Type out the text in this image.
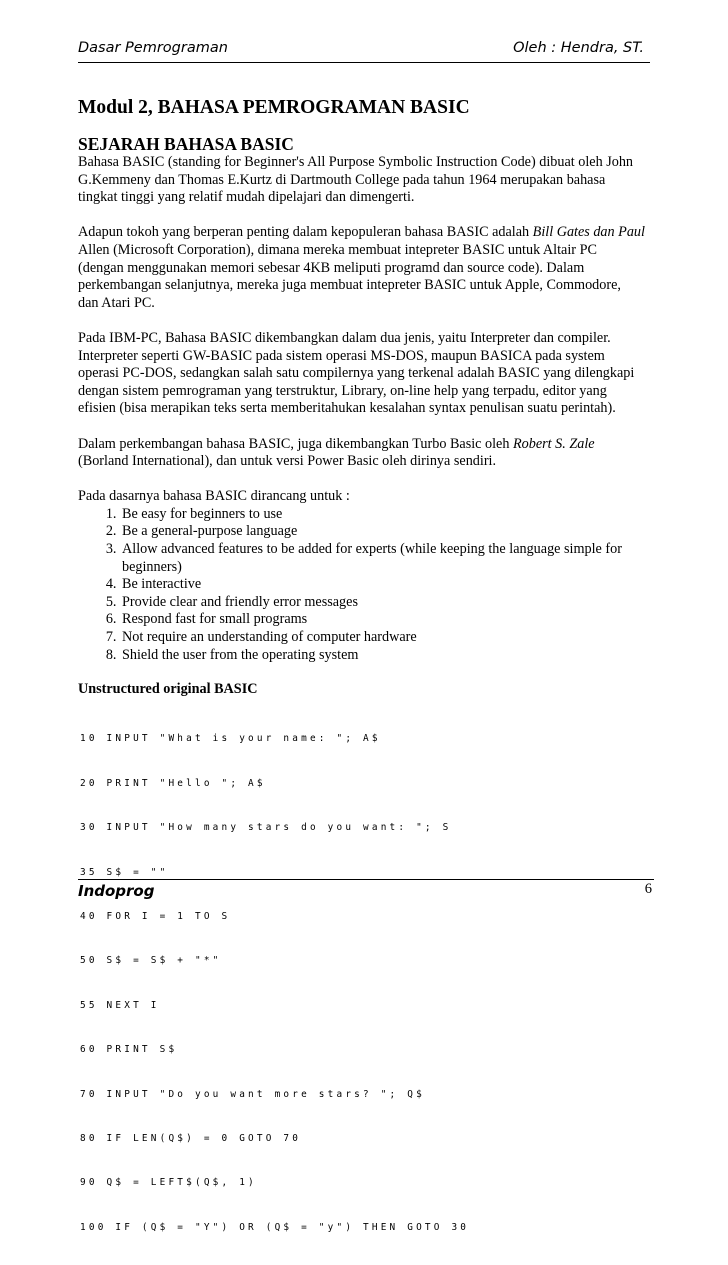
Dasar Pemrograman	Oleh : Hendra, ST.
Modul 2, BAHASA PEMROGRAMAN BASIC
SEJARAH BAHASA BASIC

Bahasa BASIC (standing for Beginner's All Purpose Symbolic Instruction Code) dibuat oleh John
G.Kemmeny dan Thomas E.Kurtz di Dartmouth College pada tahun 1964 merupakan bahasa
tingkat tinggi yang relatif mudah dipelajari dan dimengerti.

Adapun tokoh yang berperan penting dalam kepopuleran bahasa BASIC adalah Bill Gates dan Paul
Allen (Microsoft Corporation), dimana mereka membuat intepreter BASIC untuk Altair PC
(dengan menggunakan memori sebesar 4KB meliputi programd dan source code). Dalam
perkembangan selanjutnya, mereka juga membuat intepreter BASIC untuk Apple, Commodore,
dan Atari PC.

Pada IBM-PC, Bahasa BASIC dikembangkan dalam dua jenis, yaitu Interpreter dan compiler.
Interpreter seperti GW-BASIC pada sistem operasi MS-DOS, maupun BASICA pada system
operasi PC-DOS, sedangkan salah satu compilernya yang terkenal adalah BASIC yang dilengkapi
dengan sistem pemrograman yang terstruktur, Library, on-line help yang terpadu, editor yang
efisien (bisa merapikan teks serta memberitahukan kesalahan syntax penulisan suatu perintah).

Dalam perkembangan bahasa BASIC, juga dikembangkan Turbo Basic oleh Robert S. Zale
(Borland International), dan untuk versi Power Basic oleh dirinya sendiri.

Pada dasarnya bahasa BASIC dirancang untuk :

1. Be easy for beginners to use
2. Be a general-purpose language
3. Allow advanced features to be added for experts (while keeping the language simple for beginners)
4. Be interactive
5. Provide clear and friendly error messages
6. Respond fast for small programs
7. Not require an understanding of computer hardware
8. Shield the user from the operating system

Unstructured original BASIC

10 INPUT "What is your name: "; A$

20 PRINT "Hello "; A$

30 INPUT "How many stars do you want: "; S

35 S$ = ""

40 FOR I = 1 TO S

50 S$ = S$ + "*"

55 NEXT I

60 PRINT S$

70 INPUT "Do you want more stars? "; Q$

80 IF LEN(Q$) = 0 GOTO 70

90 Q$ = LEFT$(Q$, 1)

100 IF (Q$ = "Y") OR (Q$ = "y") THEN GOTO 30

Indoprog	6
